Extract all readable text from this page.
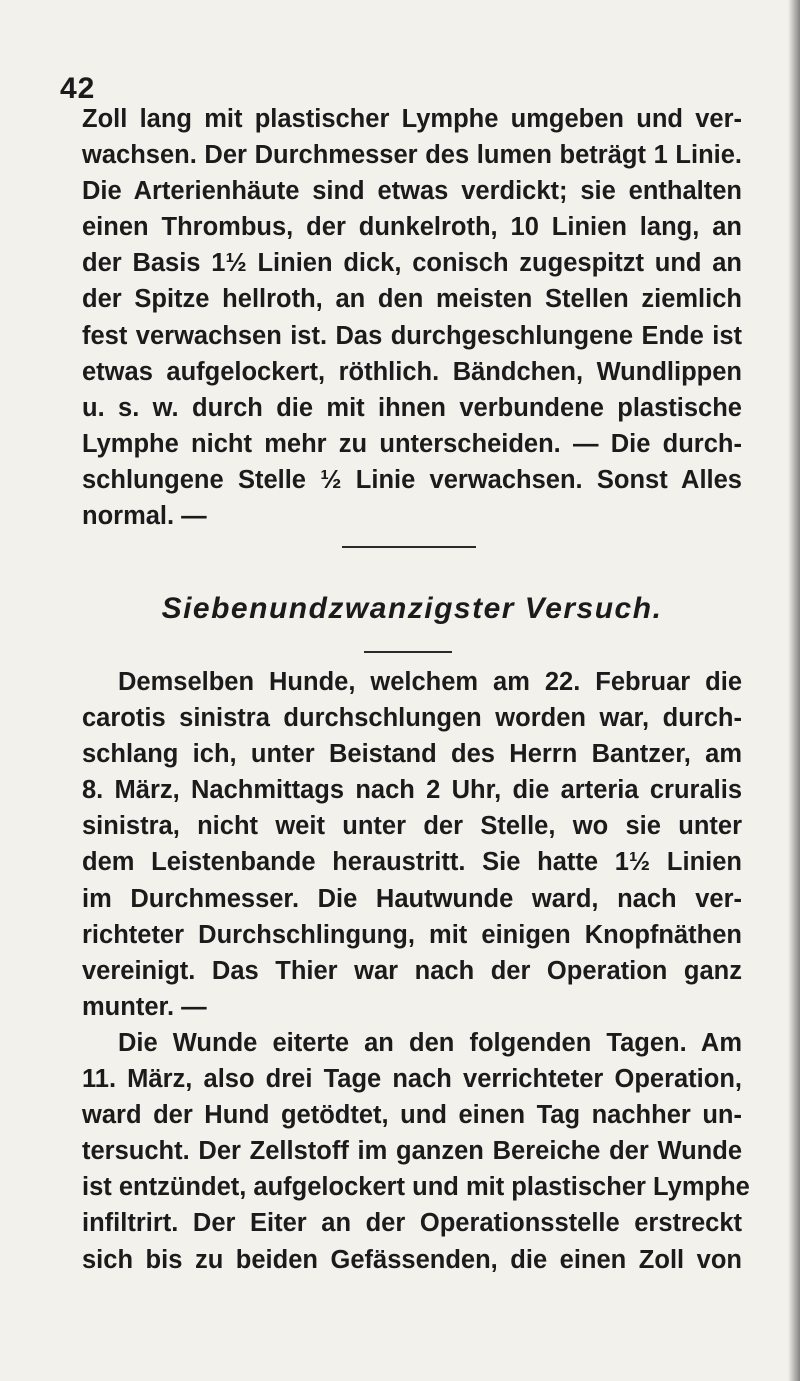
42
Zoll lang mit plastischer Lymphe umgeben und ver-
wachsen. Der Durchmesser des lumen beträgt 1 Linie.
Die Arterienhäute sind etwas verdickt; sie enthalten
einen Thrombus, der dunkelroth, 10 Linien lang, an
der Basis 1½ Linien dick, conisch zugespitzt und an
der Spitze hellroth, an den meisten Stellen ziemlich
fest verwachsen ist. Das durchgeschlungene Ende ist
etwas aufgelockert, röthlich. Bändchen, Wundlippen
u. s. w. durch die mit ihnen verbundene plastische
Lymphe nicht mehr zu unterscheiden. — Die durch-
schlungene Stelle ½ Linie verwachsen. Sonst Alles
normal. —
Siebenundzwanzigster Versuch.
Demselben Hunde, welchem am 22. Februar die
carotis sinistra durchschlungen worden war, durch-
schlang ich, unter Beistand des Herrn Bantzer, am
8. März, Nachmittags nach 2 Uhr, die arteria cruralis
sinistra, nicht weit unter der Stelle, wo sie unter
dem Leistenbande heraustritt. Sie hatte 1½ Linien
im Durchmesser. Die Hautwunde ward, nach ver-
richteter Durchschlingung, mit einigen Knopfnäthen
vereinigt. Das Thier war nach der Operation ganz
munter. —
Die Wunde eiterte an den folgenden Tagen. Am
11. März, also drei Tage nach verrichteter Operation,
ward der Hund getödtet, und einen Tag nachher un-
tersucht. Der Zellstoff im ganzen Bereiche der Wunde
ist entzündet, aufgelockert und mit plastischer Lymphe
infiltrirt. Der Eiter an der Operationsstelle erstreckt
sich bis zu beiden Gefässenden, die einen Zoll von
